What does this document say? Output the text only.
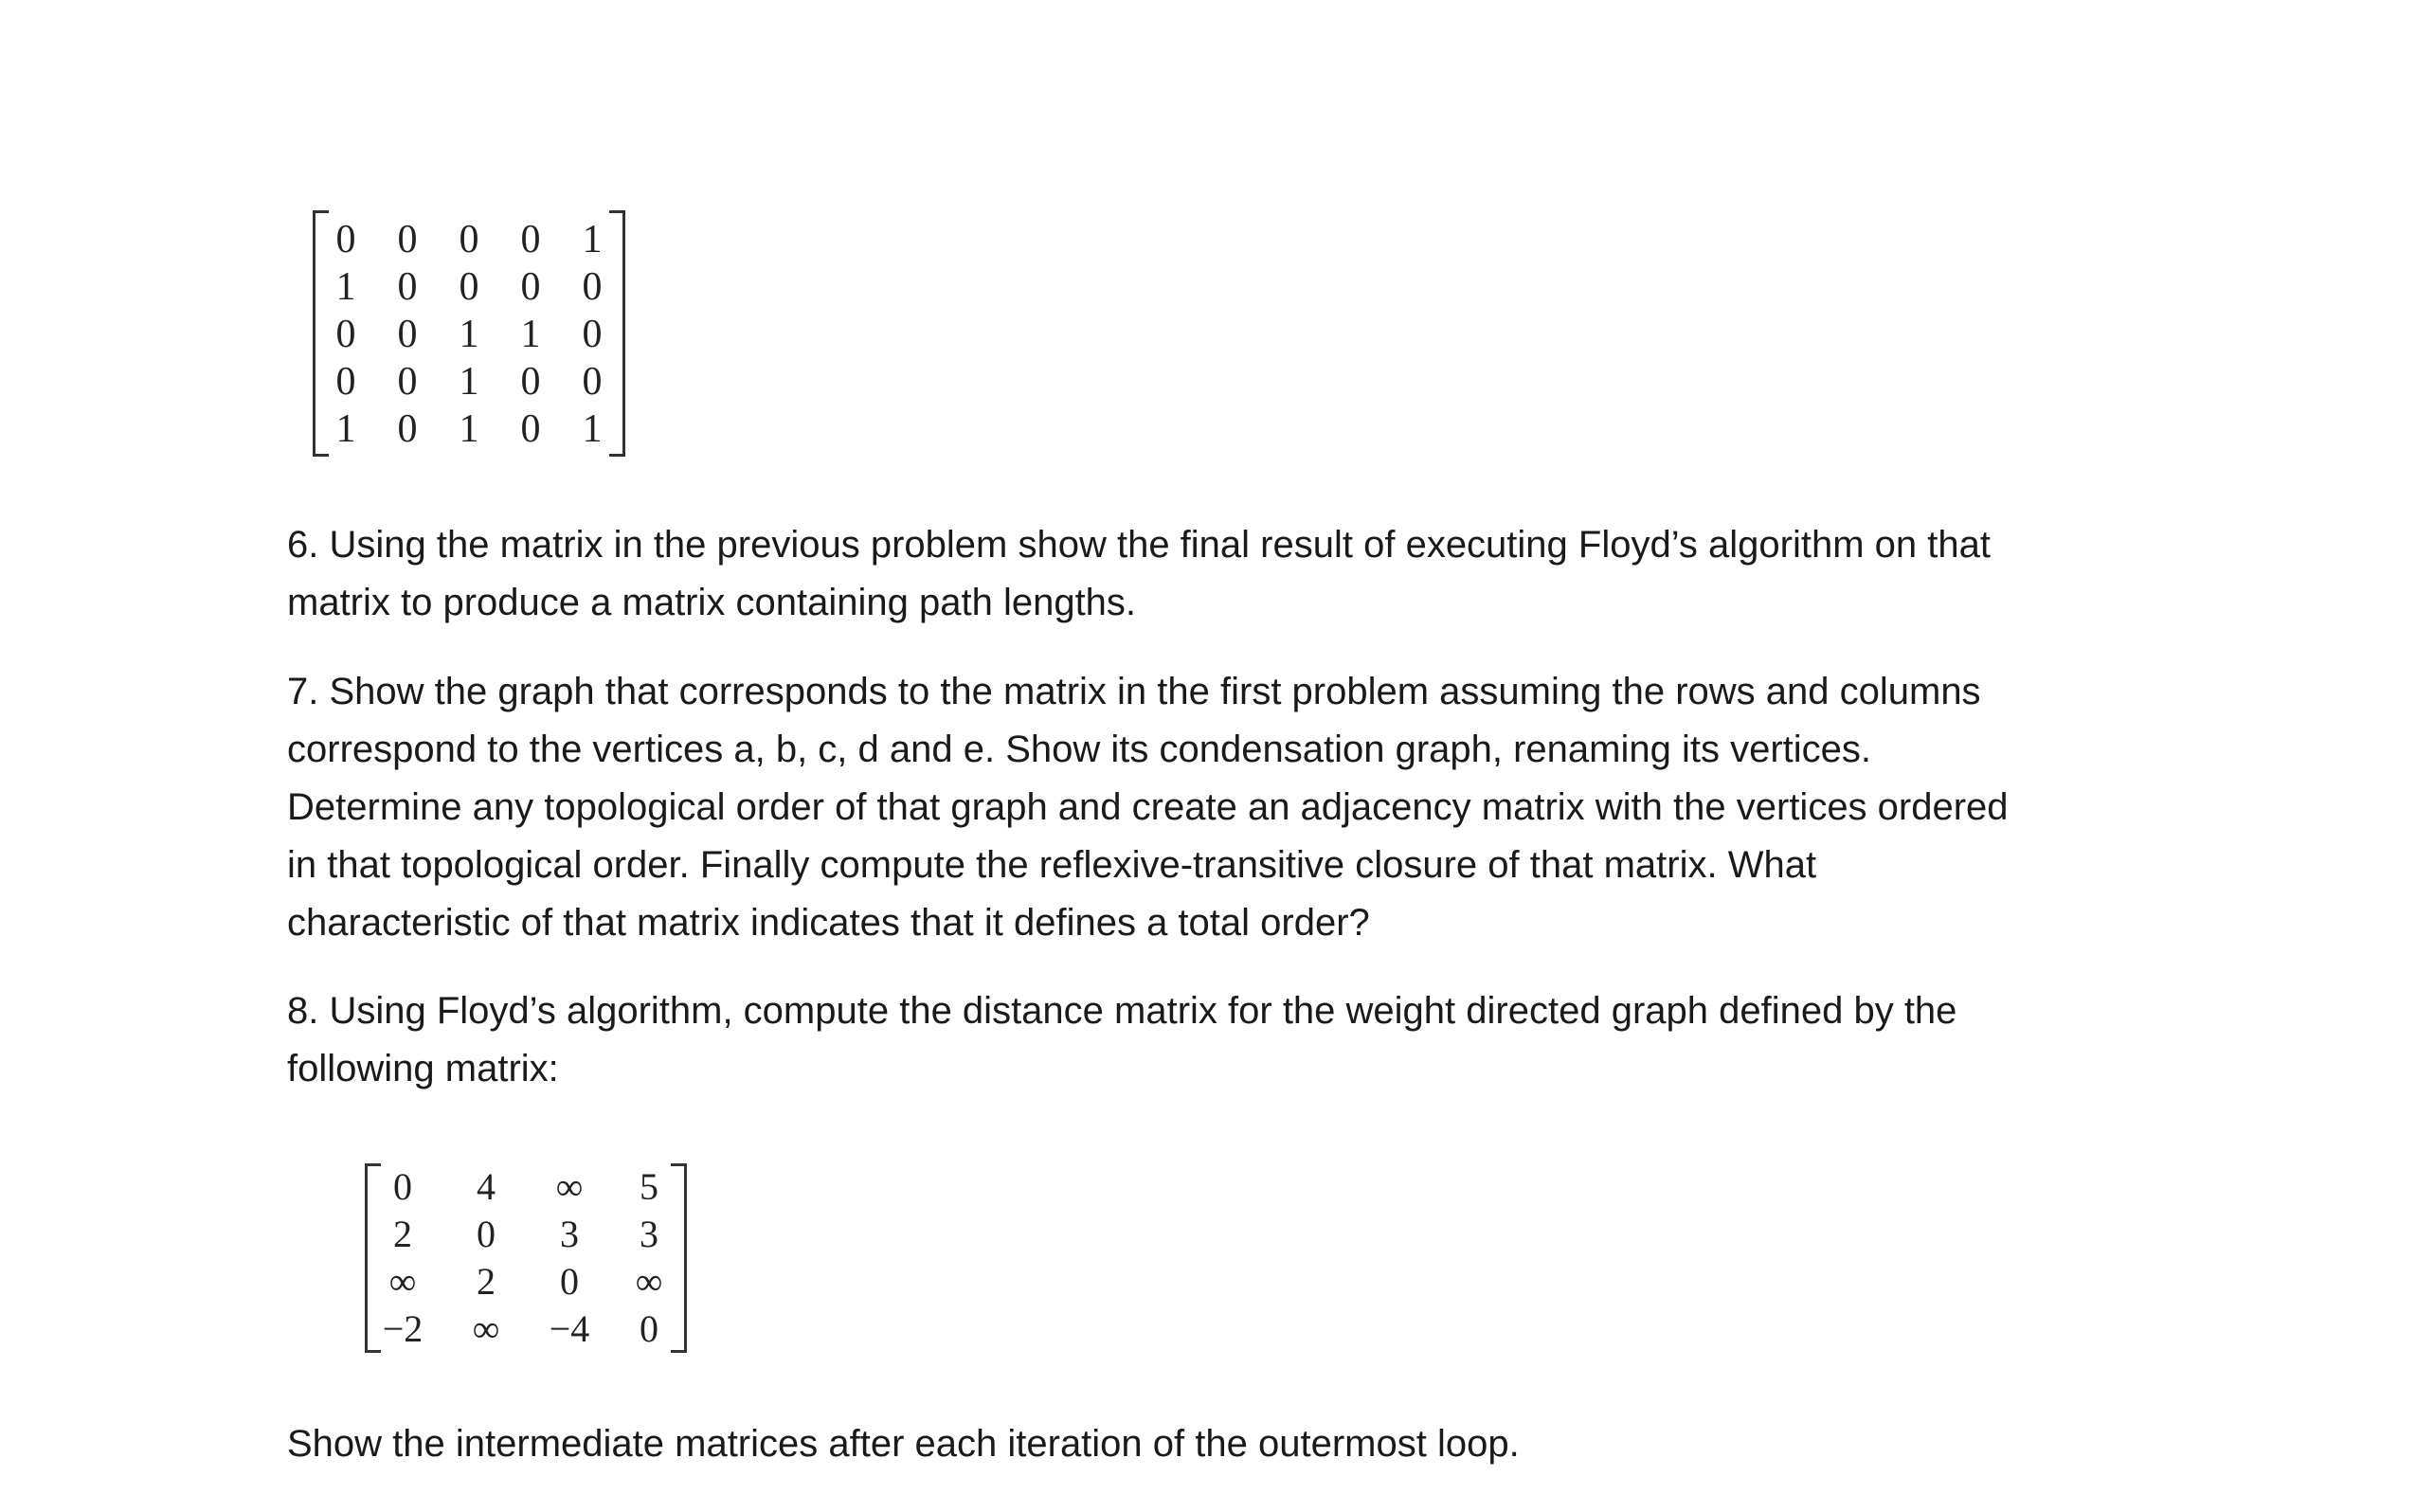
0	0	0	0	1
1	0	0	0	0
0	0	1	1	0
0	0	1	0	0
1	0	1	0	1

6. Using the matrix in the previous problem show the final result of executing Floyd’s algorithm on that
matrix to produce a matrix containing path lengths.

7. Show the graph that corresponds to the matrix in the first problem assuming the rows and columns
correspond to the vertices a, b, c, d and e. Show its condensation graph, renaming its vertices.
Determine any topological order of that graph and create an adjacency matrix with the vertices ordered
in that topological order. Finally compute the reflexive-transitive closure of that matrix. What
characteristic of that matrix indicates that it defines a total order?

8. Using Floyd’s algorithm, compute the distance matrix for the weight directed graph defined by the
following matrix:

0	4	∞	5
2	0	3	3
∞	2	0	∞
−2	∞	−4	0

Show the intermediate matrices after each iteration of the outermost loop.
